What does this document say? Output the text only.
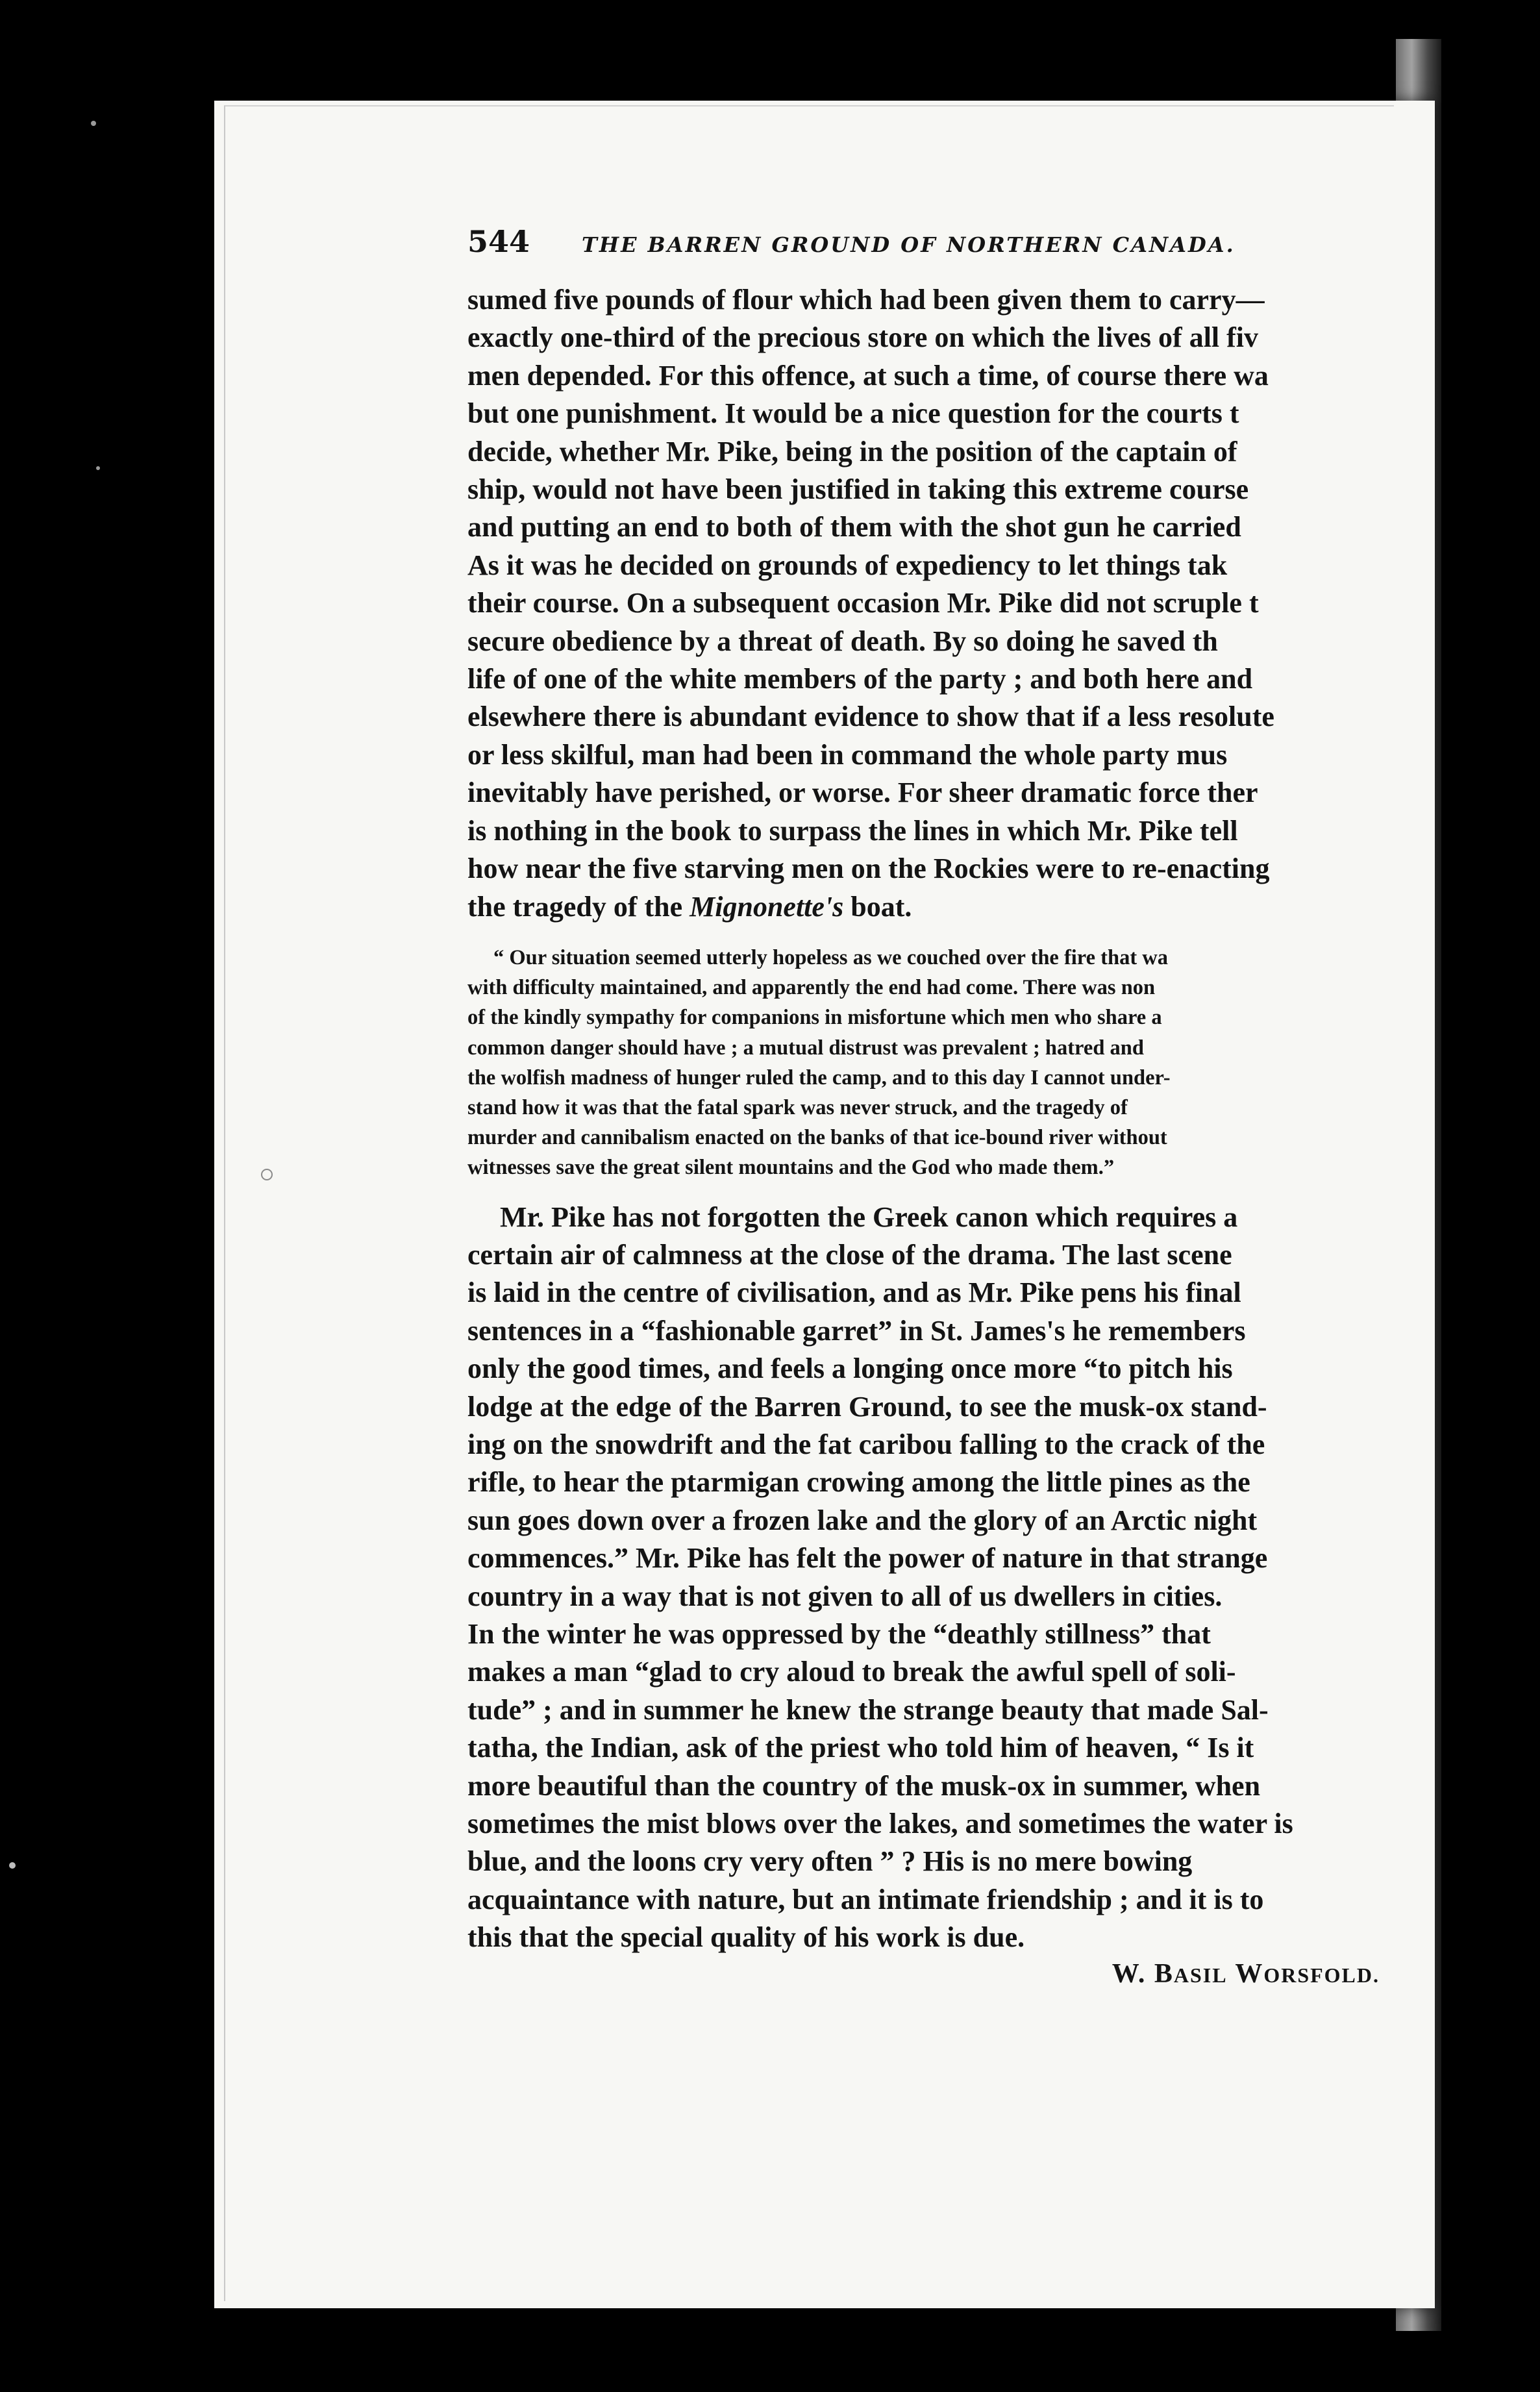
544	THE BARREN GROUND OF NORTHERN CANADA.
sumed five pounds of flour which had been given them to carry—
exactly one-third of the precious store on which the lives of all fiv
men depended. For this offence, at such a time, of course there wa
but one punishment. It would be a nice question for the courts t
decide, whether Mr. Pike, being in the position of the captain of
ship, would not have been justified in taking this extreme course
and putting an end to both of them with the shot gun he carried
As it was he decided on grounds of expediency to let things tak
their course. On a subsequent occasion Mr. Pike did not scruple t
secure obedience by a threat of death. By so doing he saved th
life of one of the white members of the party ; and both here and
elsewhere there is abundant evidence to show that if a less resolute
or less skilful, man had been in command the whole party mus
inevitably have perished, or worse. For sheer dramatic force ther
is nothing in the book to surpass the lines in which Mr. Pike tell
how near the five starving men on the Rockies were to re-enacting
the tragedy of the Mignonette's boat.
“ Our situation seemed utterly hopeless as we couched over the fire that wa
with difficulty maintained, and apparently the end had come. There was non
of the kindly sympathy for companions in misfortune which men who share a
common danger should have ; a mutual distrust was prevalent ; hatred and
the wolfish madness of hunger ruled the camp, and to this day I cannot under-
stand how it was that the fatal spark was never struck, and the tragedy of
murder and cannibalism enacted on the banks of that ice-bound river without
witnesses save the great silent mountains and the God who made them.”
Mr. Pike has not forgotten the Greek canon which requires a
certain air of calmness at the close of the drama. The last scene
is laid in the centre of civilisation, and as Mr. Pike pens his final
sentences in a “fashionable garret” in St. James's he remembers
only the good times, and feels a longing once more “to pitch his
lodge at the edge of the Barren Ground, to see the musk-ox stand-
ing on the snowdrift and the fat caribou falling to the crack of the
rifle, to hear the ptarmigan crowing among the little pines as the
sun goes down over a frozen lake and the glory of an Arctic night
commences.” Mr. Pike has felt the power of nature in that strange
country in a way that is not given to all of us dwellers in cities.
In the winter he was oppressed by the “deathly stillness” that
makes a man “glad to cry aloud to break the awful spell of soli-
tude” ; and in summer he knew the strange beauty that made Sal-
tatha, the Indian, ask of the priest who told him of heaven, “ Is it
more beautiful than the country of the musk-ox in summer, when
sometimes the mist blows over the lakes, and sometimes the water is
blue, and the loons cry very often ” ? His is no mere bowing
acquaintance with nature, but an intimate friendship ; and it is to
this that the special quality of his work is due.
W. BASIL WORSFOLD.
